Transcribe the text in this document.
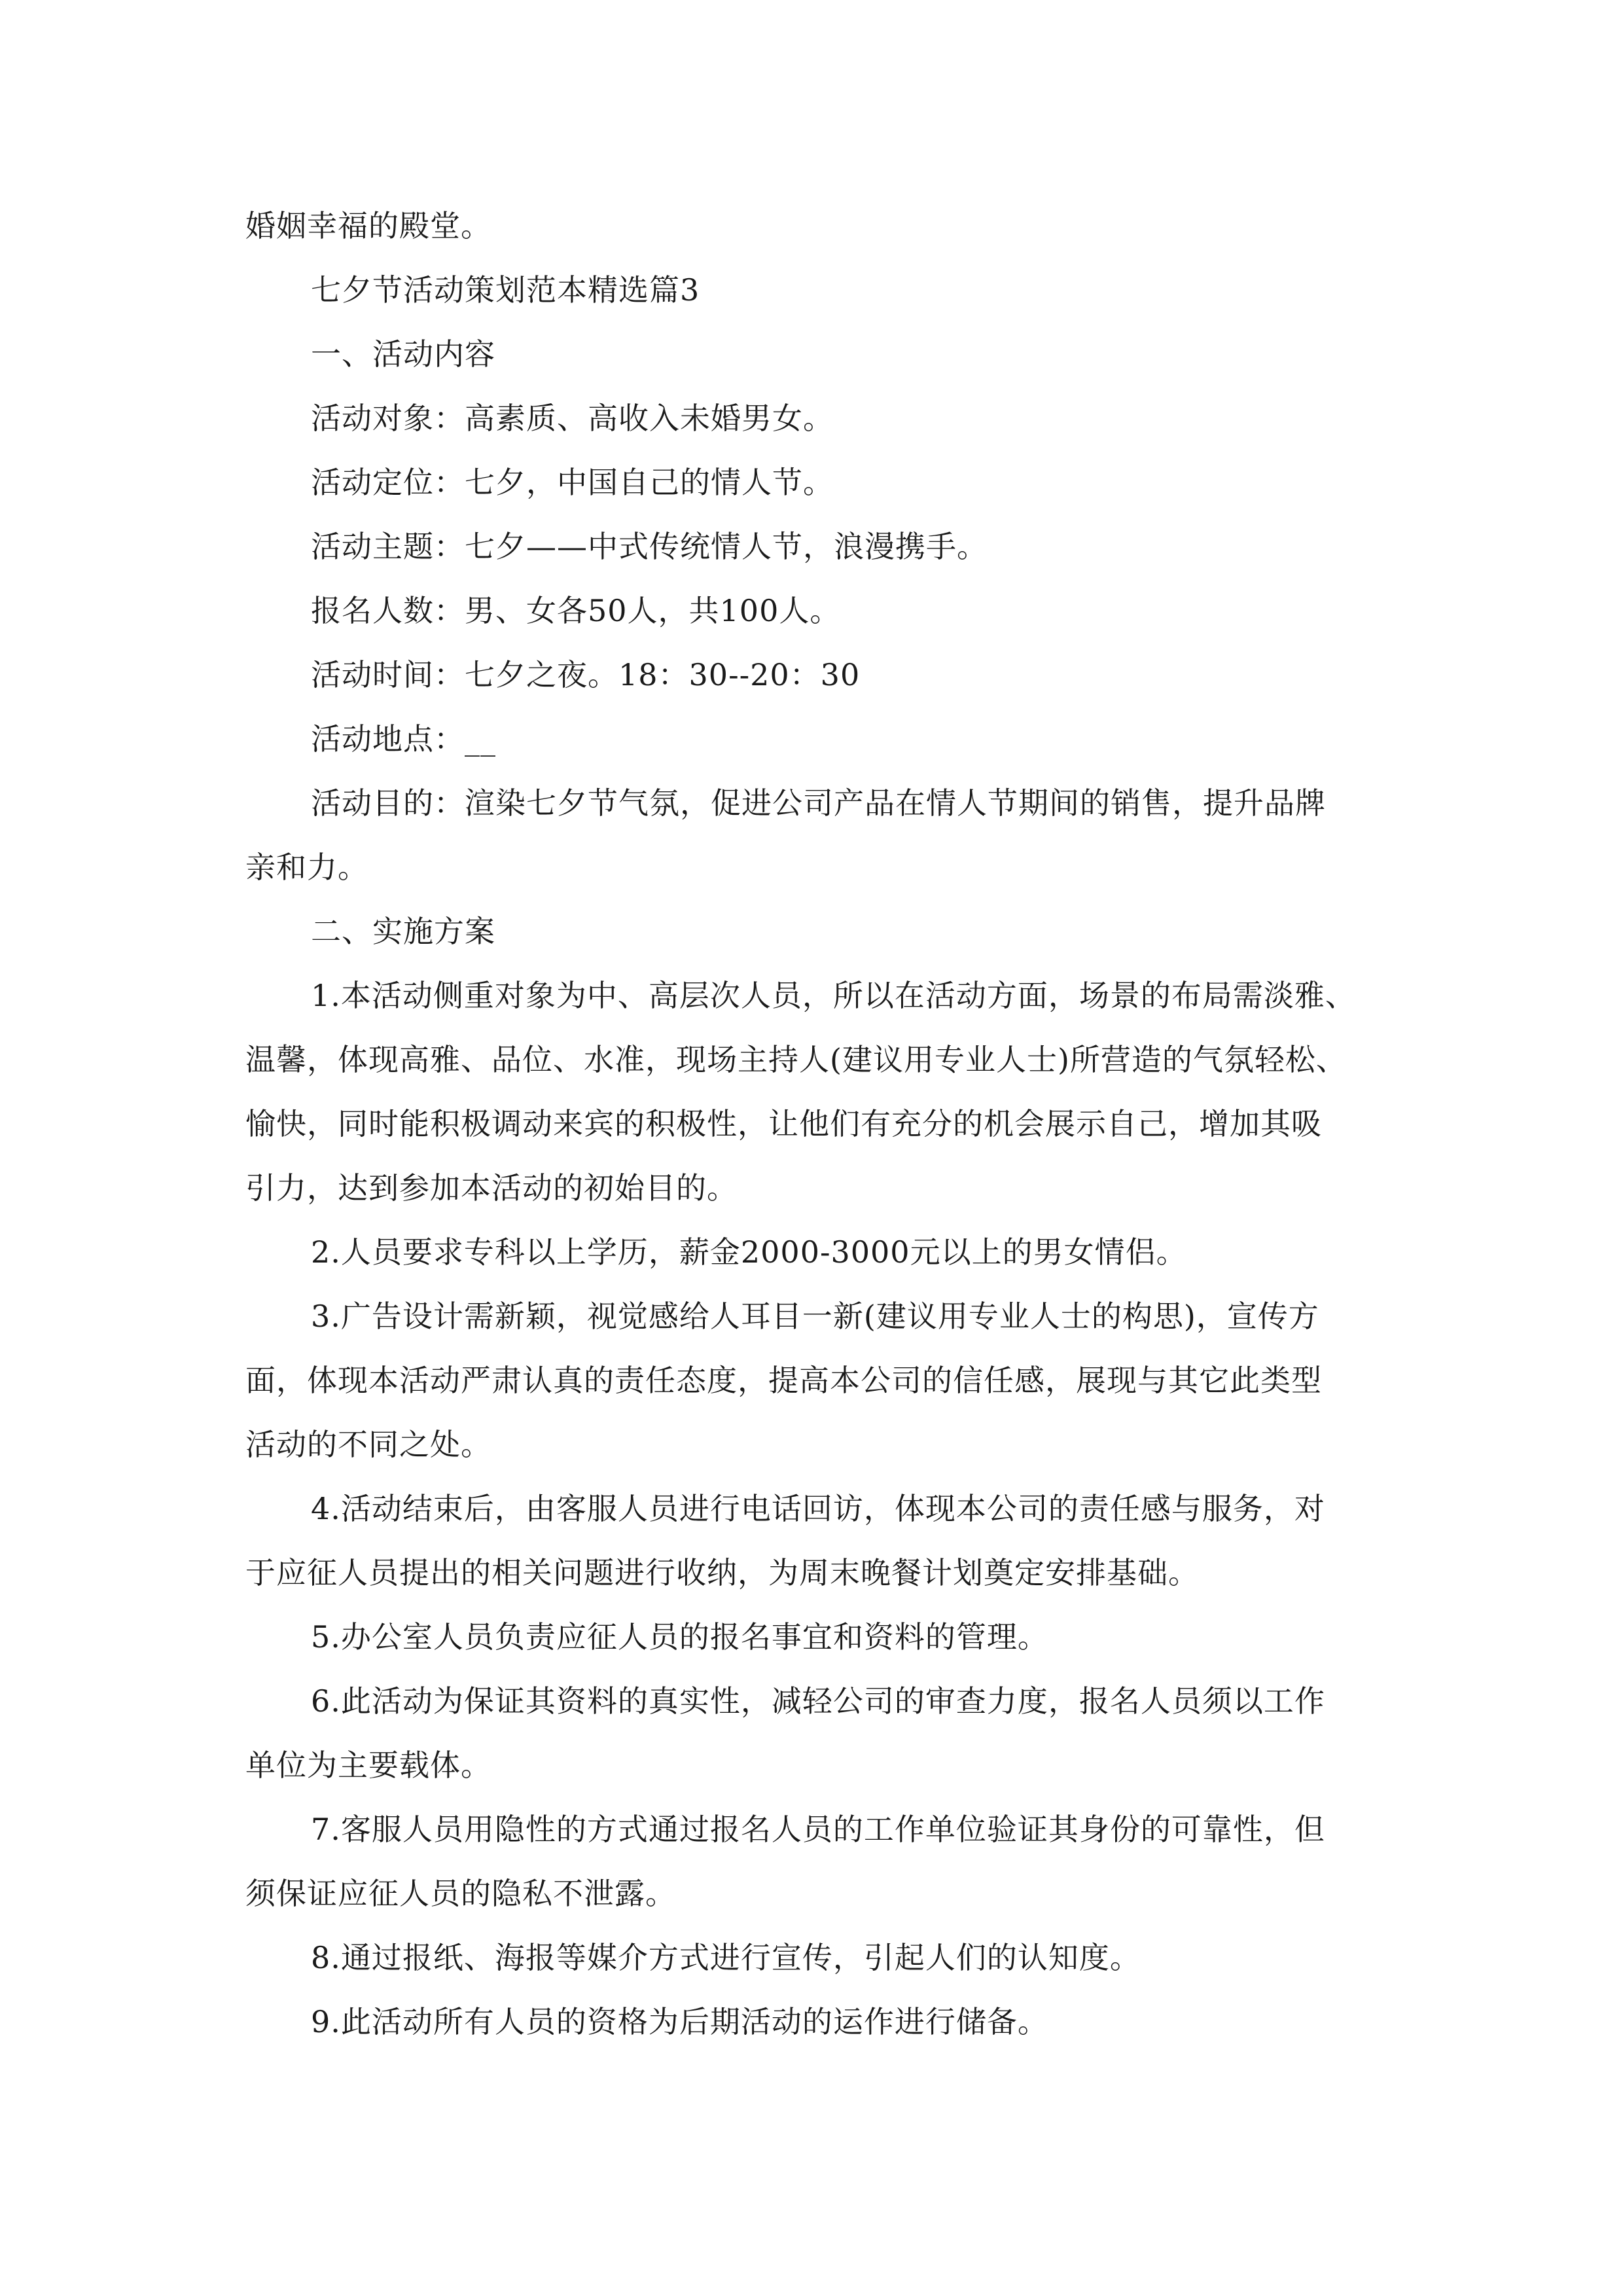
婚姻幸福的殿堂。
七夕节活动策划范本精选篇3
一、活动内容
活动对象：高素质、高收入未婚男女。
活动定位：七夕，中国自己的情人节。
活动主题：七夕——中式传统情人节，浪漫携手。
报名人数：男、女各50人，共100人。
活动时间：七夕之夜。18：30--20：30
活动地点：__
活动目的：渲染七夕节气氛，促进公司产品在情人节期间的销售，提升品牌
亲和力。
二、实施方案
1.本活动侧重对象为中、高层次人员，所以在活动方面，场景的布局需淡雅、
温馨，体现高雅、品位、水准，现场主持人(建议用专业人士)所营造的气氛轻松、
愉快，同时能积极调动来宾的积极性，让他们有充分的机会展示自己，增加其吸
引力，达到参加本活动的初始目的。
2.人员要求专科以上学历，薪金2000-3000元以上的男女情侣。
3.广告设计需新颖，视觉感给人耳目一新(建议用专业人士的构思)，宣传方
面，体现本活动严肃认真的责任态度，提高本公司的信任感，展现与其它此类型
活动的不同之处。
4.活动结束后，由客服人员进行电话回访，体现本公司的责任感与服务，对
于应征人员提出的相关问题进行收纳，为周末晚餐计划奠定安排基础。
5.办公室人员负责应征人员的报名事宜和资料的管理。
6.此活动为保证其资料的真实性，减轻公司的审查力度，报名人员须以工作
单位为主要载体。
7.客服人员用隐性的方式通过报名人员的工作单位验证其身份的可靠性，但
须保证应征人员的隐私不泄露。
8.通过报纸、海报等媒介方式进行宣传，引起人们的认知度。
9.此活动所有人员的资格为后期活动的运作进行储备。
